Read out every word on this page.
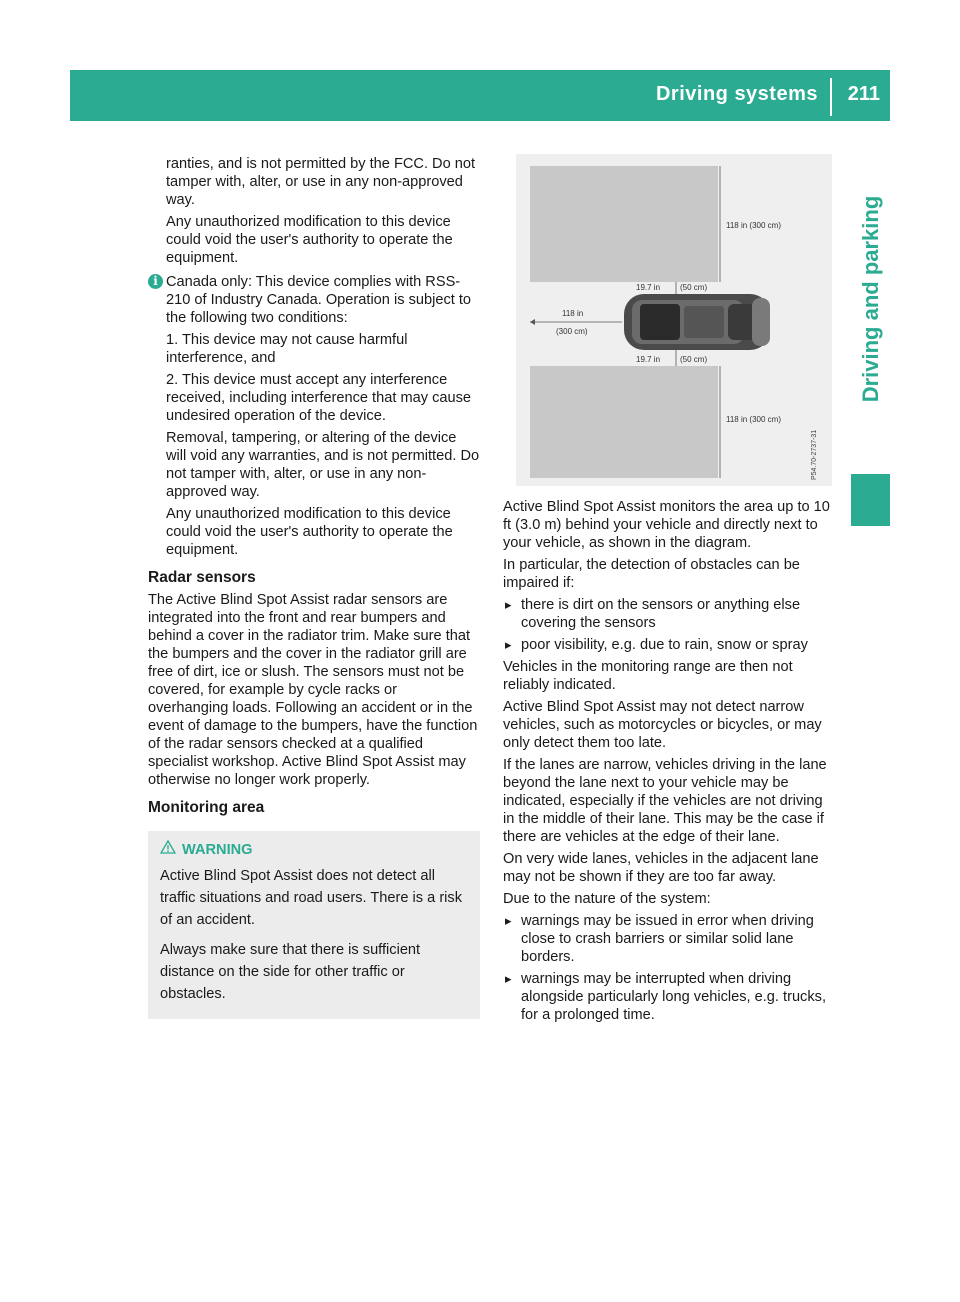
Driving systems 211
Driving and parking

ranties, and is not permitted by the FCC. Do not tamper with, alter, or use in any non-approved way.

Any unauthorized modification to this device could void the user's authority to operate the equipment.

i Canada only: This device complies with RSS-210 of Industry Canada. Operation is subject to the following two conditions:

1. This device may not cause harmful interference, and

2. This device must accept any interference received, including interference that may cause undesired operation of the device.

Removal, tampering, or altering of the device will void any warranties, and is not permitted. Do not tamper with, alter, or use in any non-approved way.

Any unauthorized modification to this device could void the user's authority to operate the equipment.

Radar sensors

The Active Blind Spot Assist radar sensors are integrated into the front and rear bumpers and behind a cover in the radiator trim. Make sure that the bumpers and the cover in the radiator grill are free of dirt, ice or slush. The sensors must not be covered, for example by cycle racks or overhanging loads. Following an accident or in the event of damage to the bumpers, have the function of the radar sensors checked at a qualified specialist workshop. Active Blind Spot Assist may otherwise no longer work properly.

Monitoring area

WARNING

Active Blind Spot Assist does not detect all traffic situations and road users. There is a risk of an accident.

Always make sure that there is sufficient distance on the side for other traffic or obstacles.

118 in (300 cm)
19.7 in (50 cm)
118 in
(300 cm)
19.7 in (50 cm)
118 in (300 cm)
P54.70-2737-31

Active Blind Spot Assist monitors the area up to 10 ft (3.0 m) behind your vehicle and directly next to your vehicle, as shown in the diagram.

In particular, the detection of obstacles can be impaired if:

▸ there is dirt on the sensors or anything else covering the sensors
▸ poor visibility, e.g. due to rain, snow or spray

Vehicles in the monitoring range are then not reliably indicated.

Active Blind Spot Assist may not detect narrow vehicles, such as motorcycles or bicycles, or may only detect them too late.

If the lanes are narrow, vehicles driving in the lane beyond the lane next to your vehicle may be indicated, especially if the vehicles are not driving in the middle of their lane. This may be the case if there are vehicles at the edge of their lane.

On very wide lanes, vehicles in the adjacent lane may not be shown if they are too far away.

Due to the nature of the system:

▸ warnings may be issued in error when driving close to crash barriers or similar solid lane borders.
▸ warnings may be interrupted when driving alongside particularly long vehicles, e.g. trucks, for a prolonged time.
